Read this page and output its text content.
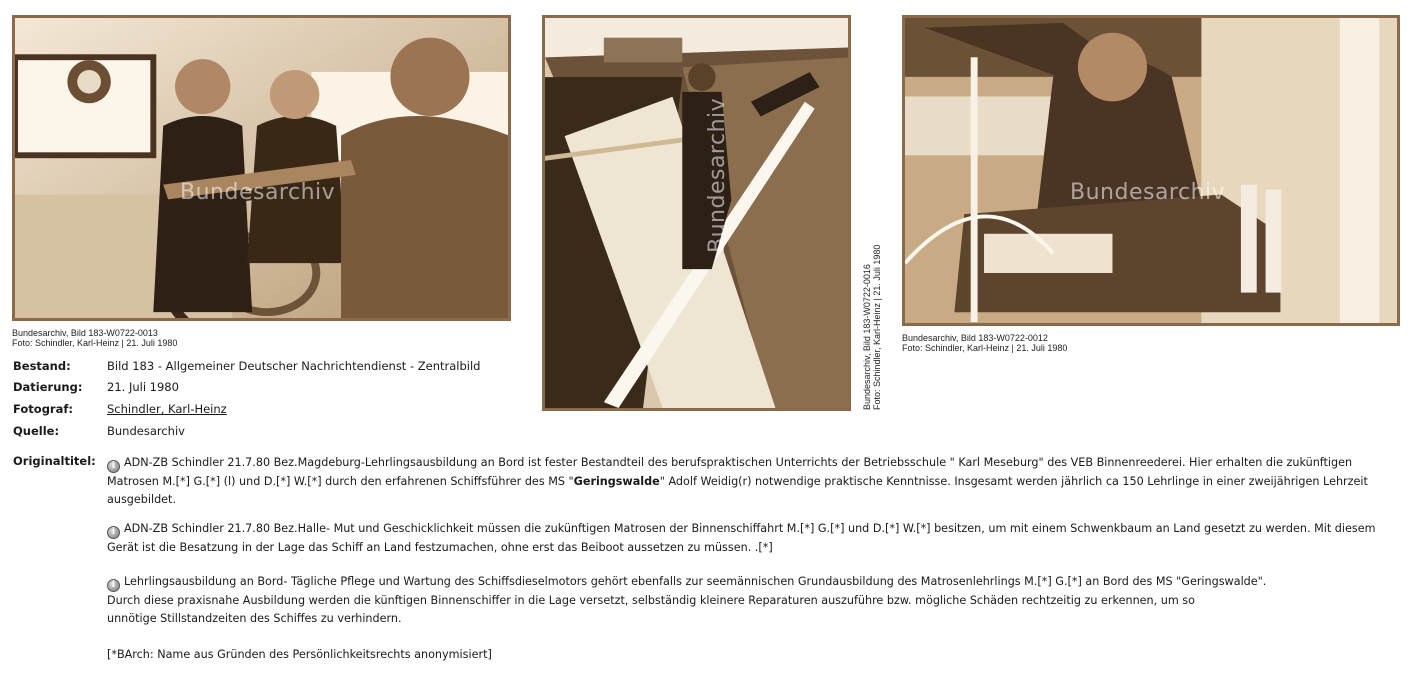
Bundesarchiv
Bundesarchiv, Bild 183-W0722-0013
Foto: Schindler, Karl-Heinz | 21. Juli 1980
Bundesarchiv
Bundesarchiv, Bild 183-W0722-0016 Foto: Schindler, Karl-Heinz | 21. Juli 1980
Bundesarchiv
Bundesarchiv, Bild 183-W0722-0012
Foto: Schindler, Karl-Heinz | 21. Juli 1980
Bestand:	Bild 183 - Allgemeiner Deutscher Nachrichtendienst - Zentralbild
Datierung: 21. Juli 1980
Fotograf:	Schindler, Karl-Heinz
Quelle:	Bundesarchiv
Originaltitel:	i ADN-ZB Schindler 21.7.80 Bez.Magdeburg-Lehrlingsausbildung an Bord ist fester Bestandteil des berufspraktischen Unterrichts der Betriebsschule " Karl Meseburg" des VEB Binnenreederei. Hier erhalten die zukünftigen Matrosen M.[*] G.[*] (l) und D.[*] W.[*] durch den erfahrenen Schiffsführer des MS "Geringswalde" Adolf Weidig(r) notwendige praktische Kenntnisse. Insgesamt werden jährlich ca 150 Lehrlinge in einer zweijährigen Lehrzeit ausgebildet.
i ADN-ZB Schindler 21.7.80 Bez.Halle- Mut und Geschicklichkeit müssen die zukünftigen Matrosen der Binnenschiffahrt M.[*] G.[*] und D.[*] W.[*] besitzen, um mit einem Schwenkbaum an Land gesetzt zu werden. Mit diesem Gerät ist die Besatzung in der Lage das Schiff an Land festzumachen, ohne erst das Beiboot aussetzen zu müssen. .[*]
i Lehrlingsausbildung an Bord- Tägliche Pflege und Wartung des Schiffsdieselmotors gehört ebenfalls zur seemännischen Grundausbildung des Matrosenlehrlings M.[*] G.[*] an Bord des MS "Geringswalde".
Durch diese praxisnahe Ausbildung werden die künftigen Binnenschiffer in die Lage versetzt, selbständig kleinere Reparaturen auszuführe bzw. mögliche Schäden rechtzeitig zu erkennen, um so
unnötige Stillstandzeiten des Schiffes zu verhindern.
[*BArch: Name aus Gründen des Persönlichkeitsrechts anonymisiert]
